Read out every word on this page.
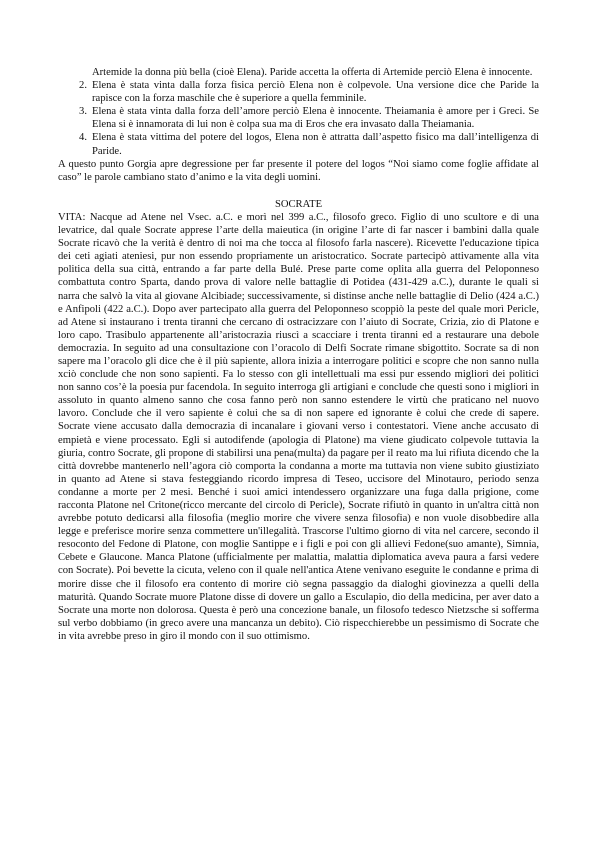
Artemide la donna più bella (cioè Elena). Paride accetta la offerta di Artemide perciò Elena è innocente.

2. Elena è stata vinta dalla forza fisica perciò Elena non è colpevole. Una versione dice che Paride la rapisce con la forza maschile che è superiore a quella femminile.
3. Elena è stata vinta dalla forza dell’amore perciò Elena è innocente. Theiamania è amore per i Greci. Se Elena si è innamorata di lui non è colpa sua ma di Eros che era invasato dalla Theiamania.
4. Elena è stata vittima del potere del logos, Elena non è attratta dall’aspetto fisico ma dall’intelligenza di Paride.

A questo punto Gorgia apre degressione per far presente il potere del logos “Noi siamo come foglie affidate al caso” le parole cambiano stato d’animo e la vita degli uomini.

SOCRATE

VITA: Nacque ad Atene nel Vsec. a.C. e morì nel 399 a.C., filosofo greco. Figlio di uno scultore e di una levatrice, dal quale Socrate apprese l’arte della maieutica (in origine l’arte di far nascer i bambini dalla quale Socrate ricavò che la verità è dentro di noi ma che tocca al filosofo farla nascere). Ricevette l'educazione tipica dei ceti agiati ateniesi, pur non essendo propriamente un aristocratico. Socrate partecipò attivamente alla vita politica della sua città, entrando a far parte della Bulé. Prese parte come oplita alla guerra del Peloponneso combattuta contro Sparta, dando prova di valore nelle battaglie di Potidea (431-429 a.C.), durante le quali si narra che salvò la vita al giovane Alcibiade; successivamente, si distinse anche nelle battaglie di Delio (424 a.C.) e Anfipoli (422 a.C.). Dopo aver partecipato alla guerra del Peloponneso scoppiò la peste del quale morì Pericle, ad Atene si instaurano i trenta tiranni che cercano di ostracizzare con l’aiuto di Socrate, Crizia, zio di Platone e loro capo. Trasibulo appartenente all’aristocrazia riuscì a scacciare i trenta tiranni ed a restaurare una debole democrazia. In seguito ad una consultazione con l’oracolo di Delfi Socrate rimane sbigottito. Socrate sa di non sapere ma l’oracolo gli dice che è il più sapiente, allora inizia a interrogare politici e scopre che non sanno nulla xciò conclude che non sono sapienti. Fa lo stesso con gli intellettuali ma essi pur essendo migliori dei politici non sanno cos’è la poesia pur facendola. In seguito interroga gli artigiani e conclude che questi sono i migliori in assoluto in quanto almeno sanno che cosa fanno però non sanno estendere le virtù che praticano nel nuovo lavoro. Conclude che il vero sapiente è colui che sa di non sapere ed ignorante è colui che crede di sapere. Socrate viene accusato dalla democrazia di incanalare i giovani verso i contestatori. Viene anche accusato di empietà e viene processato. Egli si autodifende (apologia di Platone) ma viene giudicato colpevole tuttavia la giuria, contro Socrate, gli propone di stabilirsi una pena(multa) da pagare per il reato ma lui rifiuta dicendo che la città dovrebbe mantenerlo nell’agora ciò comporta la condanna a morte ma tuttavia non viene subito giustiziato in quanto ad Atene si stava festeggiando ricordo impresa di Teseo, uccisore del Minotauro, periodo senza condanne a morte per 2 mesi. Benché i suoi amici intendessero organizzare una fuga dalla prigione, come racconta Platone nel Critone(ricco mercante del circolo di Pericle), Socrate rifiutò in quanto in un'altra città non avrebbe potuto dedicarsi alla filosofia (meglio morire che vivere senza filosofia) e non vuole disobbedire alla legge e preferisce morire senza commettere un'illegalità. Trascorse l'ultimo giorno di vita nel carcere, secondo il resoconto del Fedone di Platone, con moglie Santippe e i figli e poi con gli allievi Fedone(suo amante), Simnia, Cebete e Glaucone. Manca Platone (ufficialmente per malattia, malattia diplomatica aveva paura a farsi vedere con Socrate). Poi bevette la cicuta, veleno con il quale nell'antica Atene venivano eseguite le condanne e prima di morire disse che il filosofo era contento di morire ciò segna passaggio da dialoghi giovinezza a quelli della maturità. Quando Socrate muore Platone disse di dovere un gallo a Esculapio, dio della medicina, per aver dato a Socrate una morte non dolorosa. Questa è però una concezione banale, un filosofo tedesco Nietzsche si sofferma sul verbo dobbiamo (in greco avere una mancanza un debito). Ciò rispecchierebbe un pessimismo di Socrate che in vita avrebbe preso in giro il mondo con il suo ottimismo.
